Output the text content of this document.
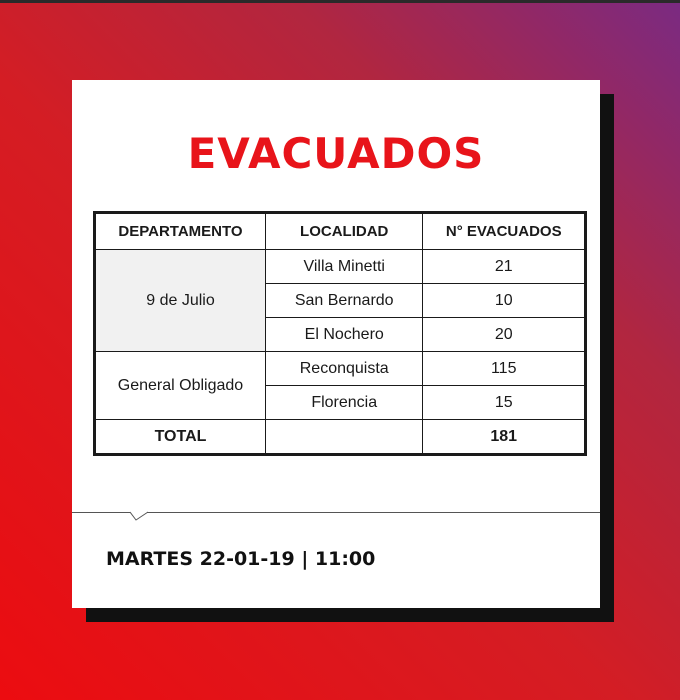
EVACUADOS
DEPARTAMENTO	LOCALIDAD	N° EVACUADOS
9 de Julio	Villa Minetti	21
	San Bernardo	10
	El Nochero	20
General Obligado	Reconquista	115
	Florencia	15
TOTAL		181
MARTES 22-01-19 | 11:00
